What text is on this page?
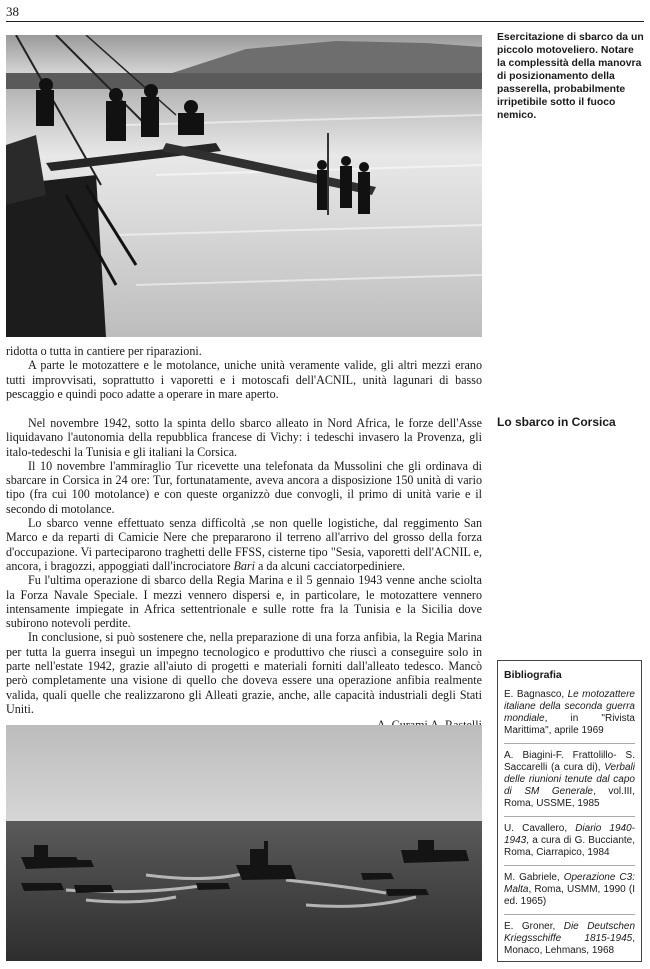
38
Esercitazione di sbarco da un piccolo motoveliero. Notare la complessità della manovra di posizionamento della passerella, probabilmente irripetibile sotto il fuoco nemico.

ridotta o tutta in cantiere per riparazioni.

A parte le motozattere e le motolance, uniche unità veramente valide, gli altri mezzi erano tutti improvvisati, soprattutto i vaporetti e i motoscafi dell'ACNIL, unità lagunari di basso pescaggio e quindi poco adatte a operare in mare aperto.

Lo sbarco in Corsica

Nel novembre 1942, sotto la spinta dello sbarco alleato in Nord Africa, le forze dell'Asse liquidavano l'autonomia della repubblica francese di Vichy: i tedeschi invasero la Provenza, gli italo-tedeschi la Tunisia e gli italiani la Corsica.

Il 10 novembre l'ammiraglio Tur ricevette una telefonata da Mussolini che gli ordinava di sbarcare in Corsica in 24 ore: Tur, fortunatamente, aveva ancora a disposizione 150 unità di vario tipo (fra cui 100 motolance) e con queste organizzò due convogli, il primo di unità varie e il secondo di motolance.

Lo sbarco venne effettuato senza difficoltà ,se non quelle logistiche, dal reggimento San Marco e da reparti di Camicie Nere che prepararono il terreno all'arrivo del grosso della forza d'occupazione. Vi parteciparono traghetti delle FFSS, cisterne tipo "Sesia, vaporetti dell'ACNIL e, ancora, i bragozzi, appoggiati dall'incrociatore Bari a da alcuni cacciatorpediniere.

Fu l'ultima operazione di sbarco della Regia Marina e il 5 gennaio 1943 venne anche sciolta la Forza Navale Speciale. I mezzi vennero dispersi e, in particolare, le motozattere vennero intensamente impiegate in Africa settentrionale e sulle rotte fra la Tunisia e la Sicilia dove subirono notevoli perdite.

In conclusione, si può sostenere che, nella preparazione di una forza anfibia, la Regia Marina per tutta la guerra inseguì un impegno tecnologico e produttivo che riuscì a conseguire solo in parte nell'estate 1942, grazie all'aiuto di progetti e materiali forniti dall'alleato tedesco. Mancò però completamente una visione di quello che doveva essere una operazione anfibia realmente valida, quali quelle che realizzarono gli Alleati grazie, anche, alle capacità industriali degli Stati Uniti.

Bibliografia
E. Bagnasco, Le motozattere italiane della seconda guerra mondiale, in "Rivista Marittima", aprile 1969
A. Biagini-F. Frattolillo- S. Saccarelli (a cura di), Verbali delle riunioni tenute dal capo di SM Generale, vol.III, Roma, USSME, 1985
U. Cavallero, Diario 1940-1943, a cura di G. Bucciante, Roma, Ciarrapico, 1984
M. Gabriele, Operazione C3: Malta, Roma, USMM, 1990 (I ed. 1965)
E. Groner, Die Deutschen Kriegsschiffe 1815-1945, Monaco, Lehmans, 1968
